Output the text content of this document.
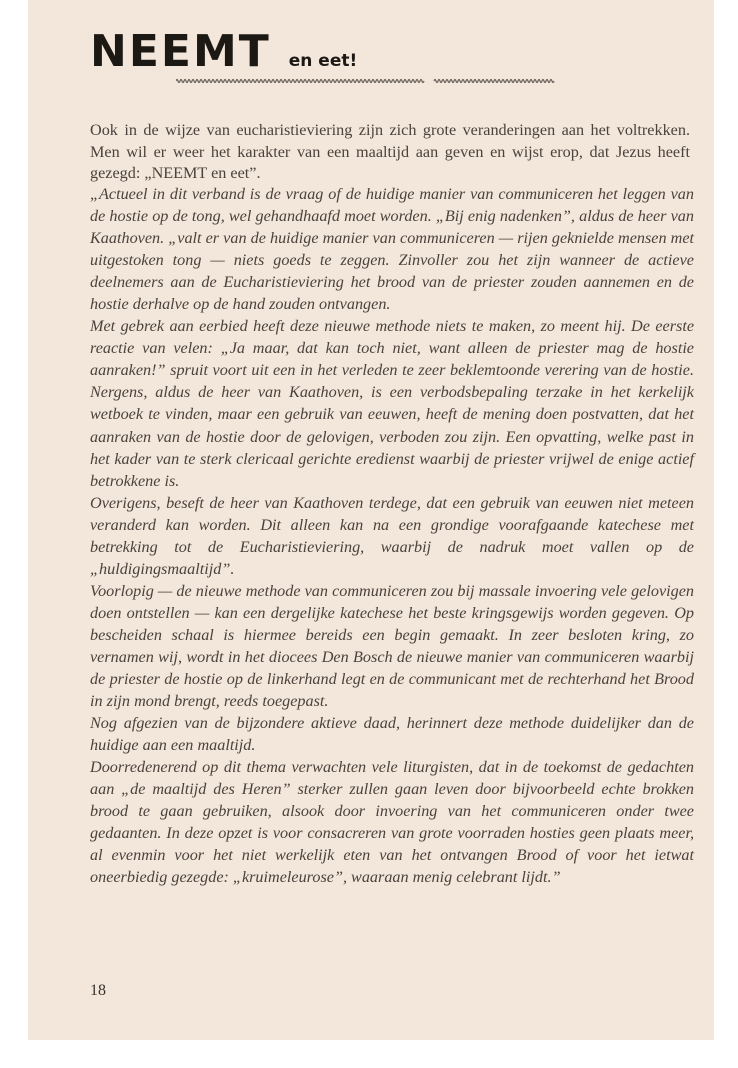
NEEMT en eet!
Ook in de wijze van eucharistieviering zijn zich grote veranderingen aan het voltrekken. Men wil er weer het karakter van een maaltijd aan geven en wijst erop, dat Jezus heeft gezegd: „NEEMT en eet”.

„Actueel in dit verband is de vraag of de huidige manier van communiceren het leggen van de hostie op de tong, wel gehandhaafd moet worden. „Bij enig nadenken”, aldus de heer van Kaathoven. „valt er van de huidige manier van communiceren — rijen geknielde mensen met uitgestoken tong — niets goeds te zeggen. Zinvoller zou het zijn wanneer de actieve deelnemers aan de Eucharistieviering het brood van de priester zouden aannemen en de hostie derhalve op de hand zouden ontvangen.

Met gebrek aan eerbied heeft deze nieuwe methode niets te maken, zo meent hij. De eerste reactie van velen: „Ja maar, dat kan toch niet, want alleen de priester mag de hostie aanraken!” spruit voort uit een in het verleden te zeer beklemtoonde verering van de hostie. Nergens, aldus de heer van Kaathoven, is een verbodsbepaling terzake in het kerkelijk wetboek te vinden, maar een gebruik van eeuwen, heeft de mening doen postvatten, dat het aanraken van de hostie door de gelovigen, verboden zou zijn. Een opvatting, welke past in het kader van te sterk clericaal gerichte eredienst waarbij de priester vrijwel de enige actief betrokkene is.

Overigens, beseft de heer van Kaathoven terdege, dat een gebruik van eeuwen niet meteen veranderd kan worden. Dit alleen kan na een grondige voorafgaande katechese met betrekking tot de Eucharistieviering, waarbij de nadruk moet vallen op de „huldigingsmaaltijd”.

Voorlopig — de nieuwe methode van communiceren zou bij massale invoering vele gelovigen doen ontstellen — kan een dergelijke katechese het beste kringsgewijs worden gegeven. Op bescheiden schaal is hiermee bereids een begin gemaakt. In zeer besloten kring, zo vernamen wij, wordt in het diocees Den Bosch de nieuwe manier van communiceren waarbij de priester de hostie op de linkerhand legt en de communicant met de rechterhand het Brood in zijn mond brengt, reeds toegepast.

Nog afgezien van de bijzondere aktieve daad, herinnert deze methode duidelijker dan de huidige aan een maaltijd.

Doorredenerend op dit thema verwachten vele liturgisten, dat in de toekomst de gedachten aan „de maaltijd des Heren” sterker zullen gaan leven door bijvoorbeeld echte brokken brood te gaan gebruiken, alsook door invoering van het communiceren onder twee gedaanten. In deze opzet is voor consacreren van grote voorraden hosties geen plaats meer, al evenmin voor het niet werkelijk eten van het ontvangen Brood of voor het ietwat oneerbiedig gezegde: „kruimeleurose”, waaraan menig celebrant lijdt.”

18
